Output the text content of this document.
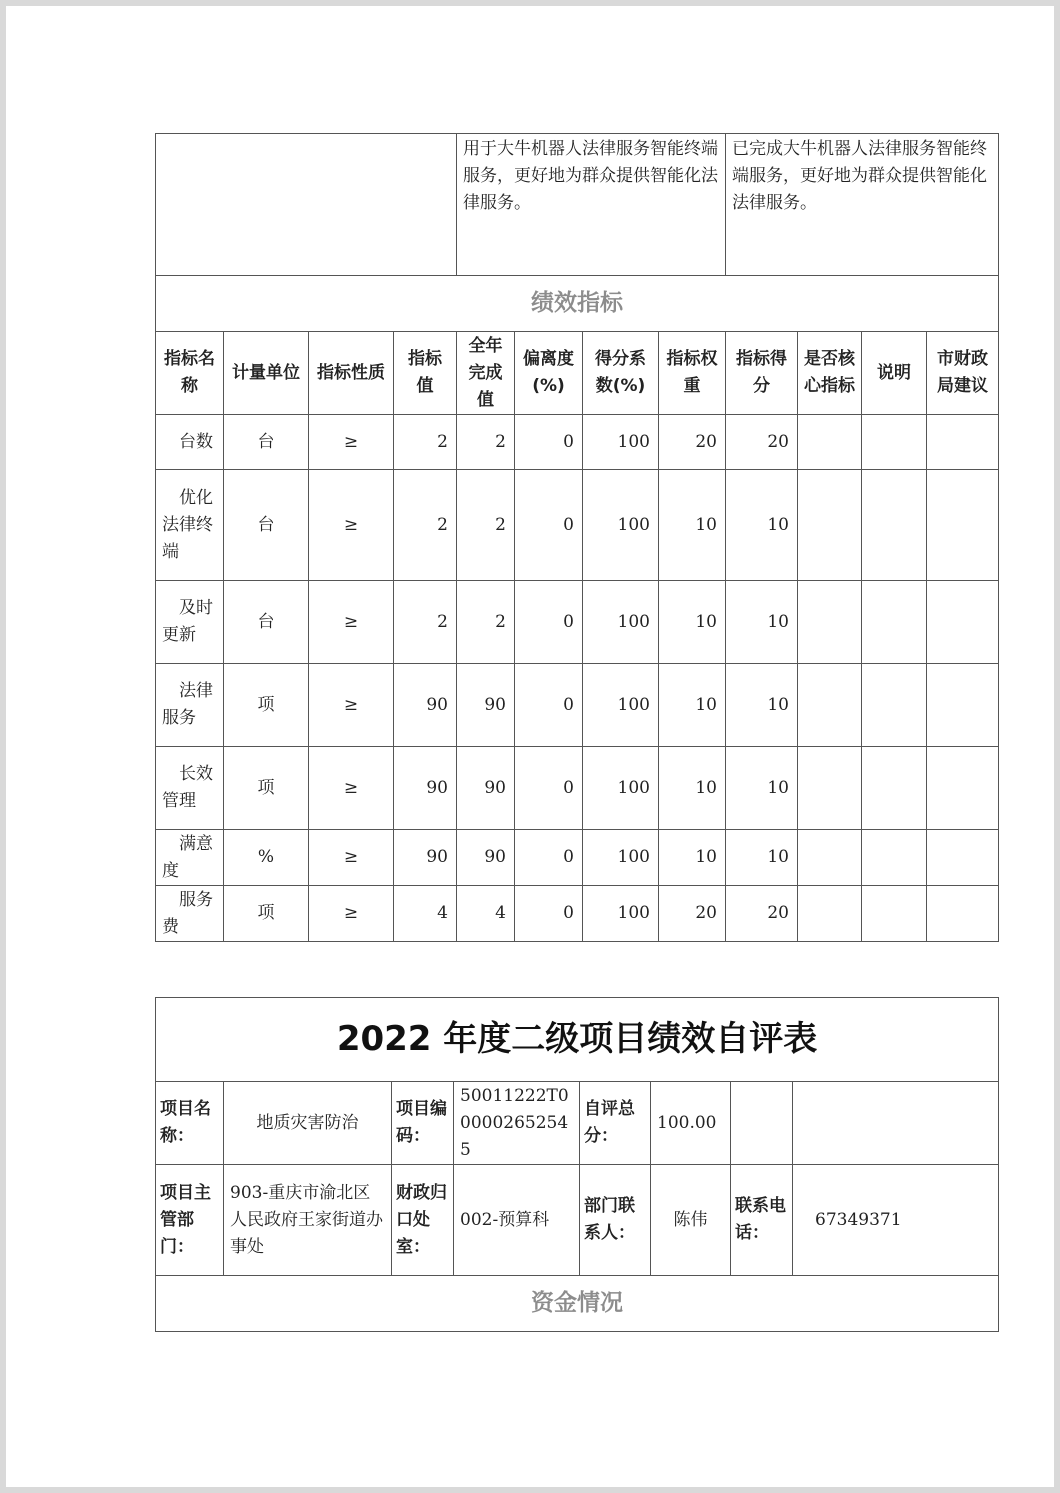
				用于大牛机器人法律服务智能终端服务，更好地为群众提供智能化法律服务。				已完成大牛机器人法律服务智能终端服务，更好地为群众提供智能化法律服务。			
绩效指标											
指标名称	计量单位	指标性质	指标值	全年完成值	偏离度(%)	得分系数(%)	指标权重	指标得分	是否核心指标	说明	市财政局建议
台数	台	≥	2	2	0	100	20	20			
优化法律终端	台	≥	2	2	0	100	10	10			
及时更新	台	≥	2	2	0	100	10	10			
法律服务	项	≥	90	90	0	100	10	10			
长效管理	项	≥	90	90	0	100	10	10			
满意度	%	≥	90	90	0	100	10	10			
服务费	项	≥	4	4	0	100	20	20			
2022 年度二级项目绩效自评表							
项目名称：	地质灾害防治	项目编码：	50011222T000002652545	自评总分：	100.00		
项目主管部门：	903-重庆市渝北区人民政府王家街道办事处	财政归口处室：	002-预算科	部门联系人：	陈伟	联系电话：	67349371
资金情况							
